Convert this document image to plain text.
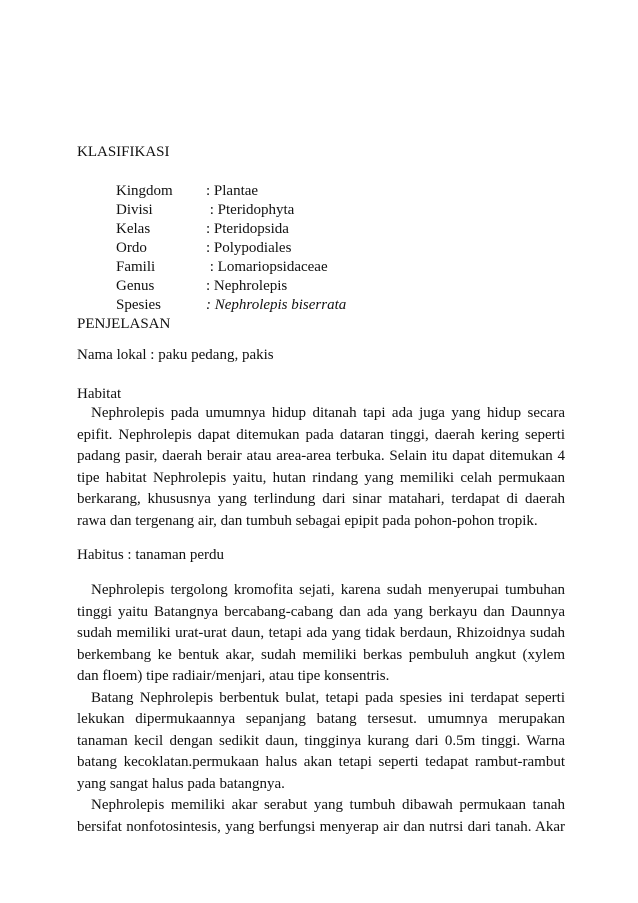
KLASIFIKASI
Kingdom	: Plantae
Divisi	: Pteridophyta
Kelas	: Pteridopsida
Ordo	: Polypodiales
Famili	: Lomariopsidaceae
Genus	: Nephrolepis
Spesies	: Nephrolepis biserrata
PENJELASAN

Nama lokal : paku pedang, pakis

Habitat

Nephrolepis pada umumnya hidup ditanah tapi ada juga yang hidup secara
epifit. Nephrolepis dapat ditemukan pada dataran tinggi, daerah kering seperti
padang pasir, daerah berair atau area-area terbuka. Selain itu dapat ditemukan 4
tipe habitat Nephrolepis yaitu, hutan rindang yang memiliki celah permukaan
berkarang, khususnya yang terlindung dari sinar matahari, terdapat di daerah
rawa dan tergenang air, dan tumbuh sebagai epipit pada pohon-pohon tropik.

Habitus : tanaman perdu

Nephrolepis tergolong kromofita sejati, karena sudah menyerupai tumbuhan
tinggi yaitu Batangnya bercabang-cabang dan ada yang berkayu dan Daunnya
sudah memiliki urat-urat daun, tetapi ada yang tidak berdaun, Rhizoidnya sudah
berkembang ke bentuk akar, sudah memiliki berkas pembuluh angkut (xylem
dan floem) tipe radiair/menjari, atau tipe konsentris.
Batang Nephrolepis berbentuk bulat, tetapi pada spesies ini terdapat seperti
lekukan dipermukaannya sepanjang batang tersesut. umumnya merupakan
tanaman kecil dengan sedikit daun, tingginya kurang dari 0.5m tinggi. Warna
batang kecoklatan.permukaan halus akan tetapi seperti tedapat rambut-rambut
yang sangat halus pada batangnya.
Nephrolepis memiliki akar serabut yang tumbuh dibawah permukaan tanah
bersifat nonfotosintesis, yang berfungsi menyerap air dan nutrsi dari tanah. Akar
